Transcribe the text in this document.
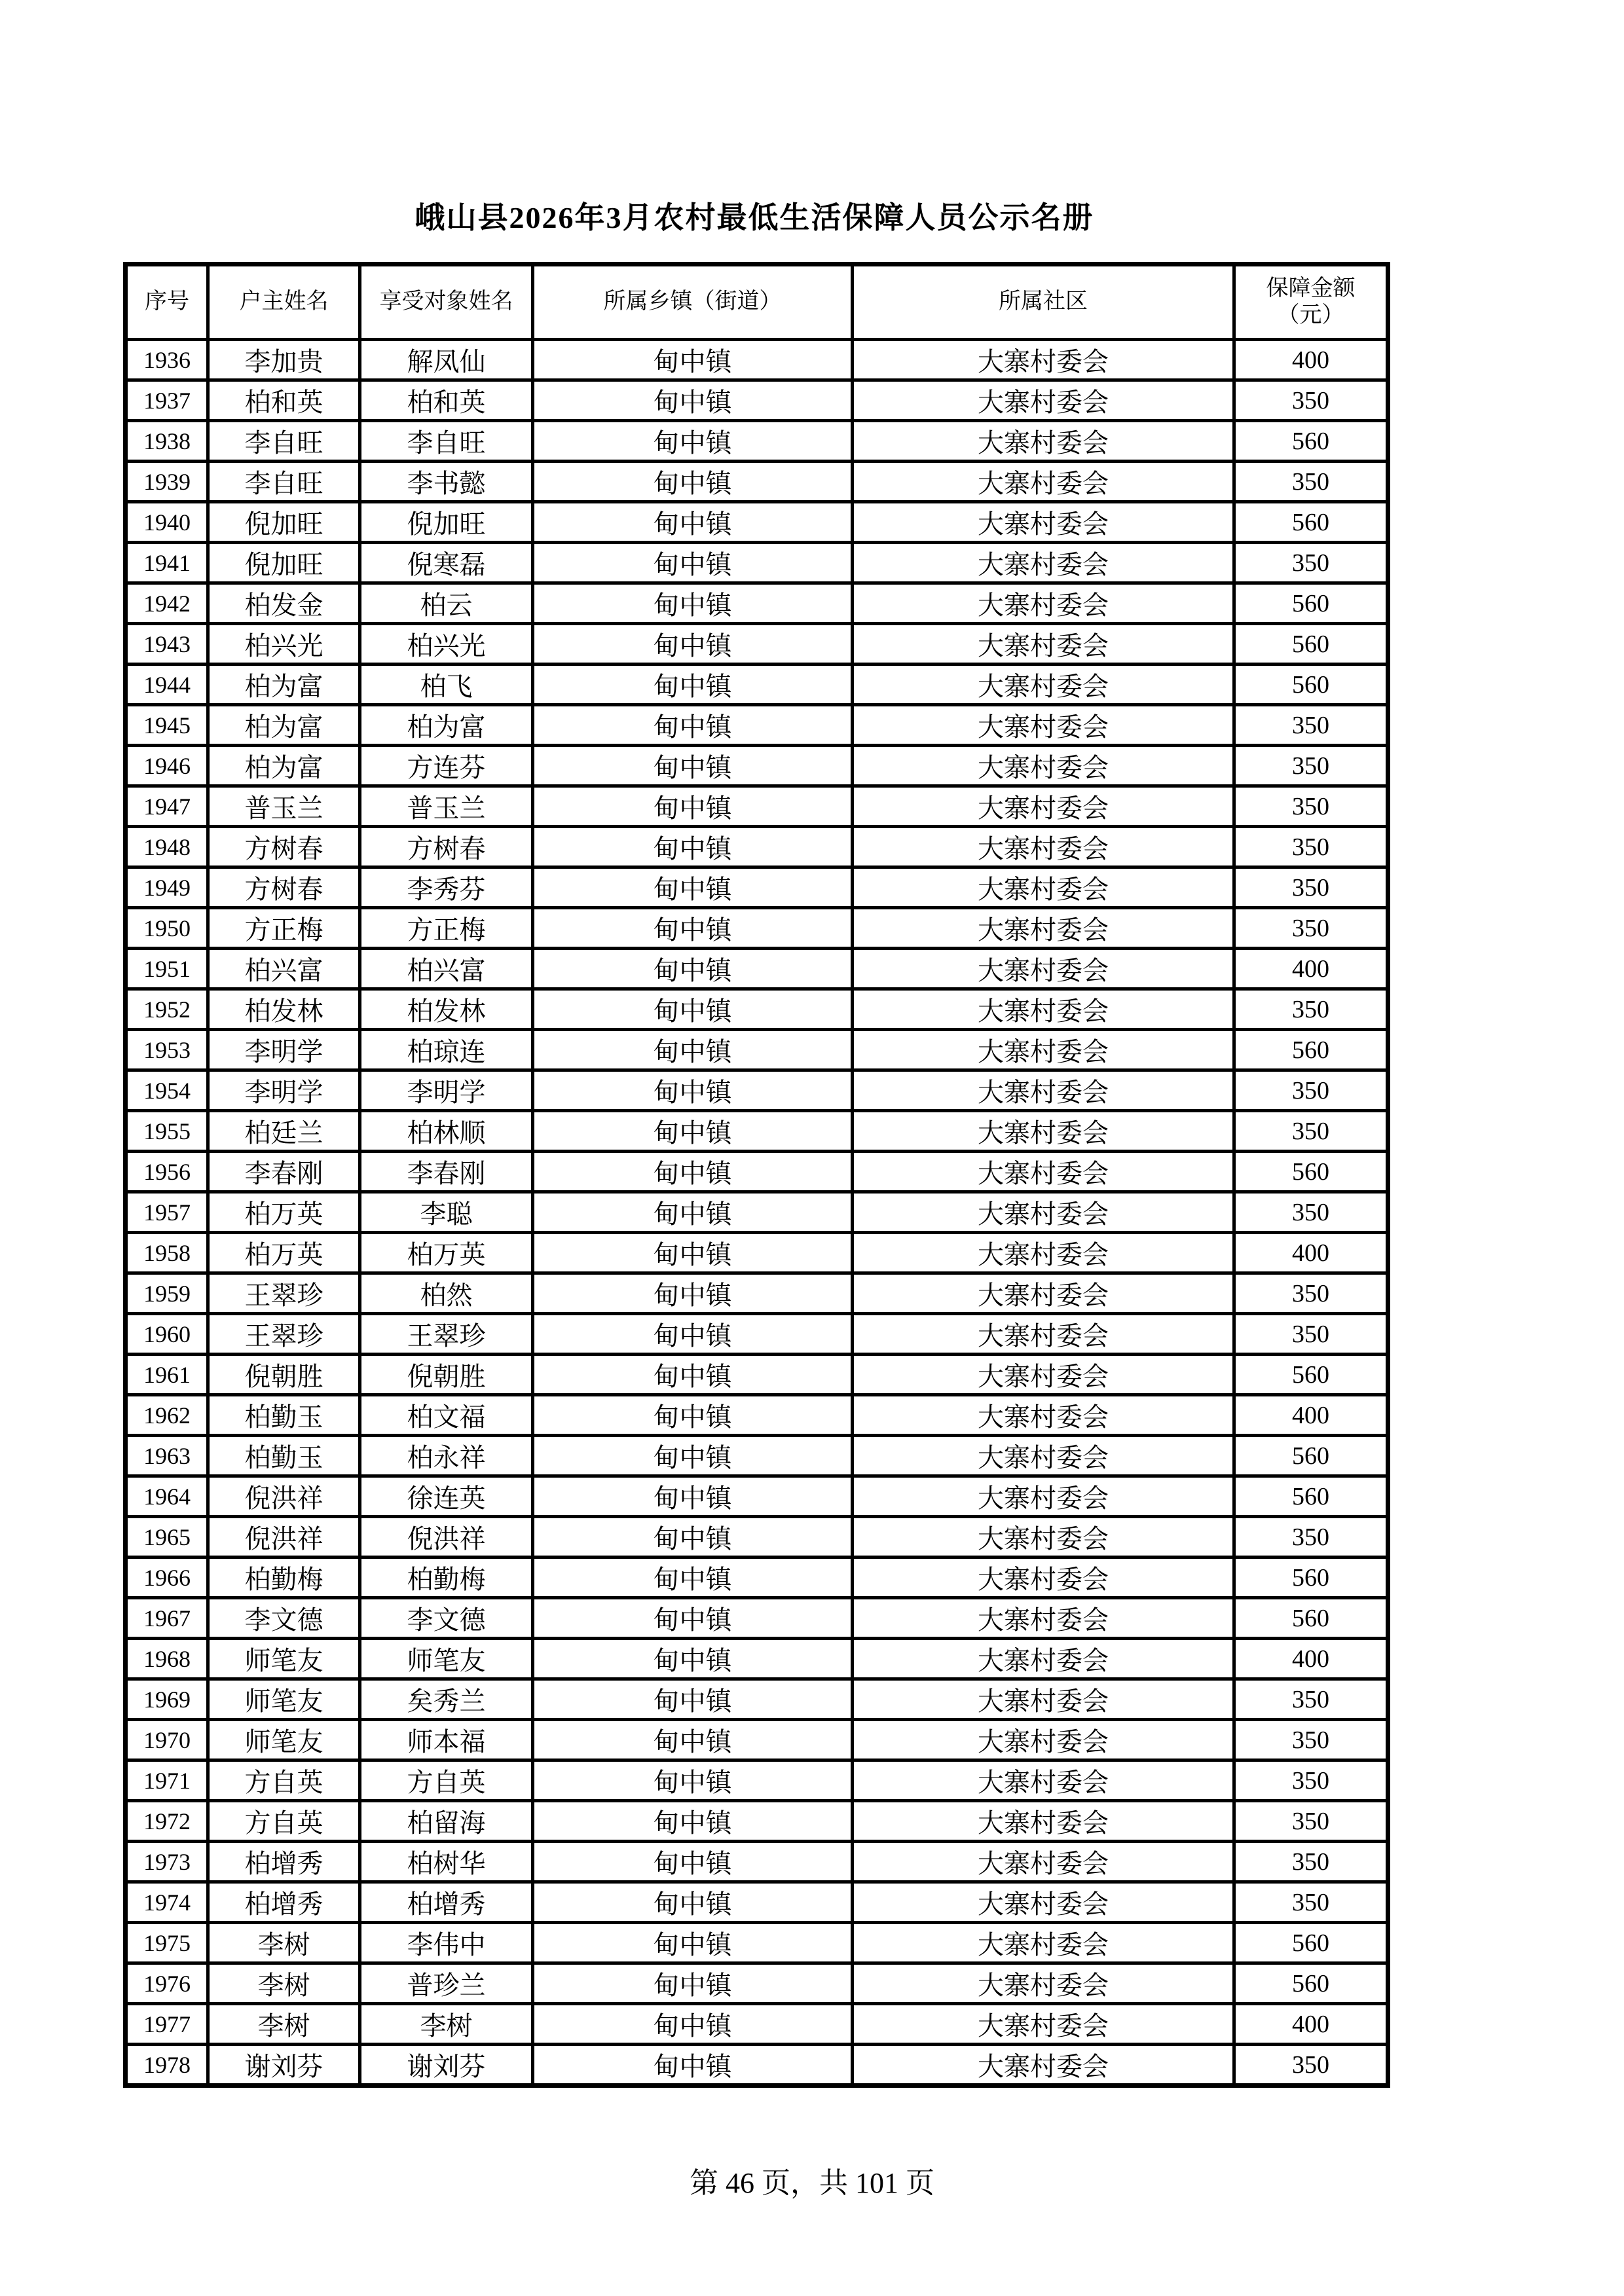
峨山县2026年3月农村最低生活保障人员公示名册
序号	户主姓名	享受对象姓名	所属乡镇（街道）	所属社区	保障金额
（元）

1936	李加贵	解凤仙	甸中镇	大寨村委会	400
1937	柏和英	柏和英	甸中镇	大寨村委会	350
1938	李自旺	李自旺	甸中镇	大寨村委会	560
1939	李自旺	李书懿	甸中镇	大寨村委会	350
1940	倪加旺	倪加旺	甸中镇	大寨村委会	560
1941	倪加旺	倪寒磊	甸中镇	大寨村委会	350
1942	柏发金	柏云	甸中镇	大寨村委会	560
1943	柏兴光	柏兴光	甸中镇	大寨村委会	560
1944	柏为富	柏飞	甸中镇	大寨村委会	560
1945	柏为富	柏为富	甸中镇	大寨村委会	350
1946	柏为富	方连芬	甸中镇	大寨村委会	350
1947	普玉兰	普玉兰	甸中镇	大寨村委会	350
1948	方树春	方树春	甸中镇	大寨村委会	350
1949	方树春	李秀芬	甸中镇	大寨村委会	350
1950	方正梅	方正梅	甸中镇	大寨村委会	350
1951	柏兴富	柏兴富	甸中镇	大寨村委会	400
1952	柏发林	柏发林	甸中镇	大寨村委会	350
1953	李明学	柏琼连	甸中镇	大寨村委会	560
1954	李明学	李明学	甸中镇	大寨村委会	350
1955	柏廷兰	柏林顺	甸中镇	大寨村委会	350
1956	李春刚	李春刚	甸中镇	大寨村委会	560
1957	柏万英	李聪	甸中镇	大寨村委会	350
1958	柏万英	柏万英	甸中镇	大寨村委会	400
1959	王翠珍	柏然	甸中镇	大寨村委会	350
1960	王翠珍	王翠珍	甸中镇	大寨村委会	350
1961	倪朝胜	倪朝胜	甸中镇	大寨村委会	560
1962	柏勤玉	柏文福	甸中镇	大寨村委会	400
1963	柏勤玉	柏永祥	甸中镇	大寨村委会	560
1964	倪洪祥	徐连英	甸中镇	大寨村委会	560
1965	倪洪祥	倪洪祥	甸中镇	大寨村委会	350
1966	柏勤梅	柏勤梅	甸中镇	大寨村委会	560
1967	李文德	李文德	甸中镇	大寨村委会	560
1968	师笔友	师笔友	甸中镇	大寨村委会	400
1969	师笔友	矣秀兰	甸中镇	大寨村委会	350
1970	师笔友	师本福	甸中镇	大寨村委会	350
1971	方自英	方自英	甸中镇	大寨村委会	350
1972	方自英	柏留海	甸中镇	大寨村委会	350
1973	柏增秀	柏树华	甸中镇	大寨村委会	350
1974	柏增秀	柏增秀	甸中镇	大寨村委会	350
1975	李树	李伟中	甸中镇	大寨村委会	560
1976	李树	普珍兰	甸中镇	大寨村委会	560
1977	李树	李树	甸中镇	大寨村委会	400
1978	谢刘芬	谢刘芬	甸中镇	大寨村委会	350
第 46 页，共 101 页
